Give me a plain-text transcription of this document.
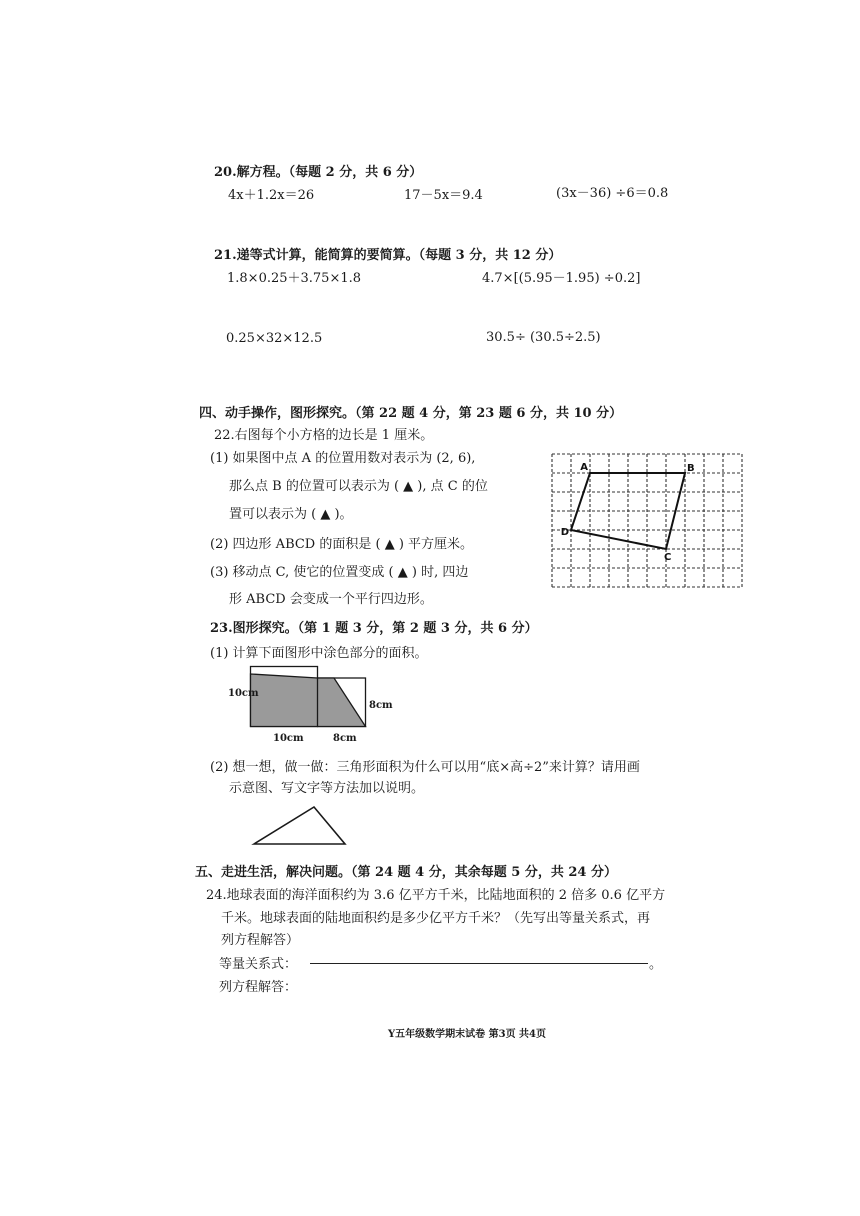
20.解方程。（每题 2 分，共 6 分）
4x＋1.2x＝26	17－5x＝9.4	(3x－36) ÷6＝0.8
21.递等式计算，能简算的要简算。（每题 3 分，共 12 分）
1.8×0.25＋3.75×1.8	4.7×[(5.95－1.95) ÷0.2]
0.25×32×12.5	30.5÷ (30.5÷2.5)
四、动手操作，图形探究。（第 22 题 4 分，第 23 题 6 分，共 10 分）
22.右图每个小方格的边长是 1 厘米。
(1) 如果图中点 A 的位置用数对表示为 (2, 6),
那么点 B 的位置可以表示为 ( ▲ ), 点 C 的位
置可以表示为 ( ▲ )。
(2) 四边形 ABCD 的面积是 ( ▲ ) 平方厘米。
(3) 移动点 C, 使它的位置变成 ( ▲ ) 时, 四边
形 ABCD 会变成一个平行四边形。
A	B
C
D
23.图形探究。（第 1 题 3 分，第 2 题 3 分，共 6 分）
(1) 计算下面图形中涂色部分的面积。
10cm
8cm
10cm	8cm
(2) 想一想，做一做：三角形面积为什么可以用“底×高÷2”来计算？请用画
示意图、写文字等方法加以说明。
五、走进生活，解决问题。（第 24 题 4 分，其余每题 5 分，共 24 分）
24.地球表面的海洋面积约为 3.6 亿平方千米，比陆地面积的 2 倍多 0.6 亿平方
千米。地球表面的陆地面积约是多少亿平方千米？（先写出等量关系式，再
列方程解答）
等量关系式：	。
列方程解答：
Y五年级数学期末试卷 第3页 共4页
